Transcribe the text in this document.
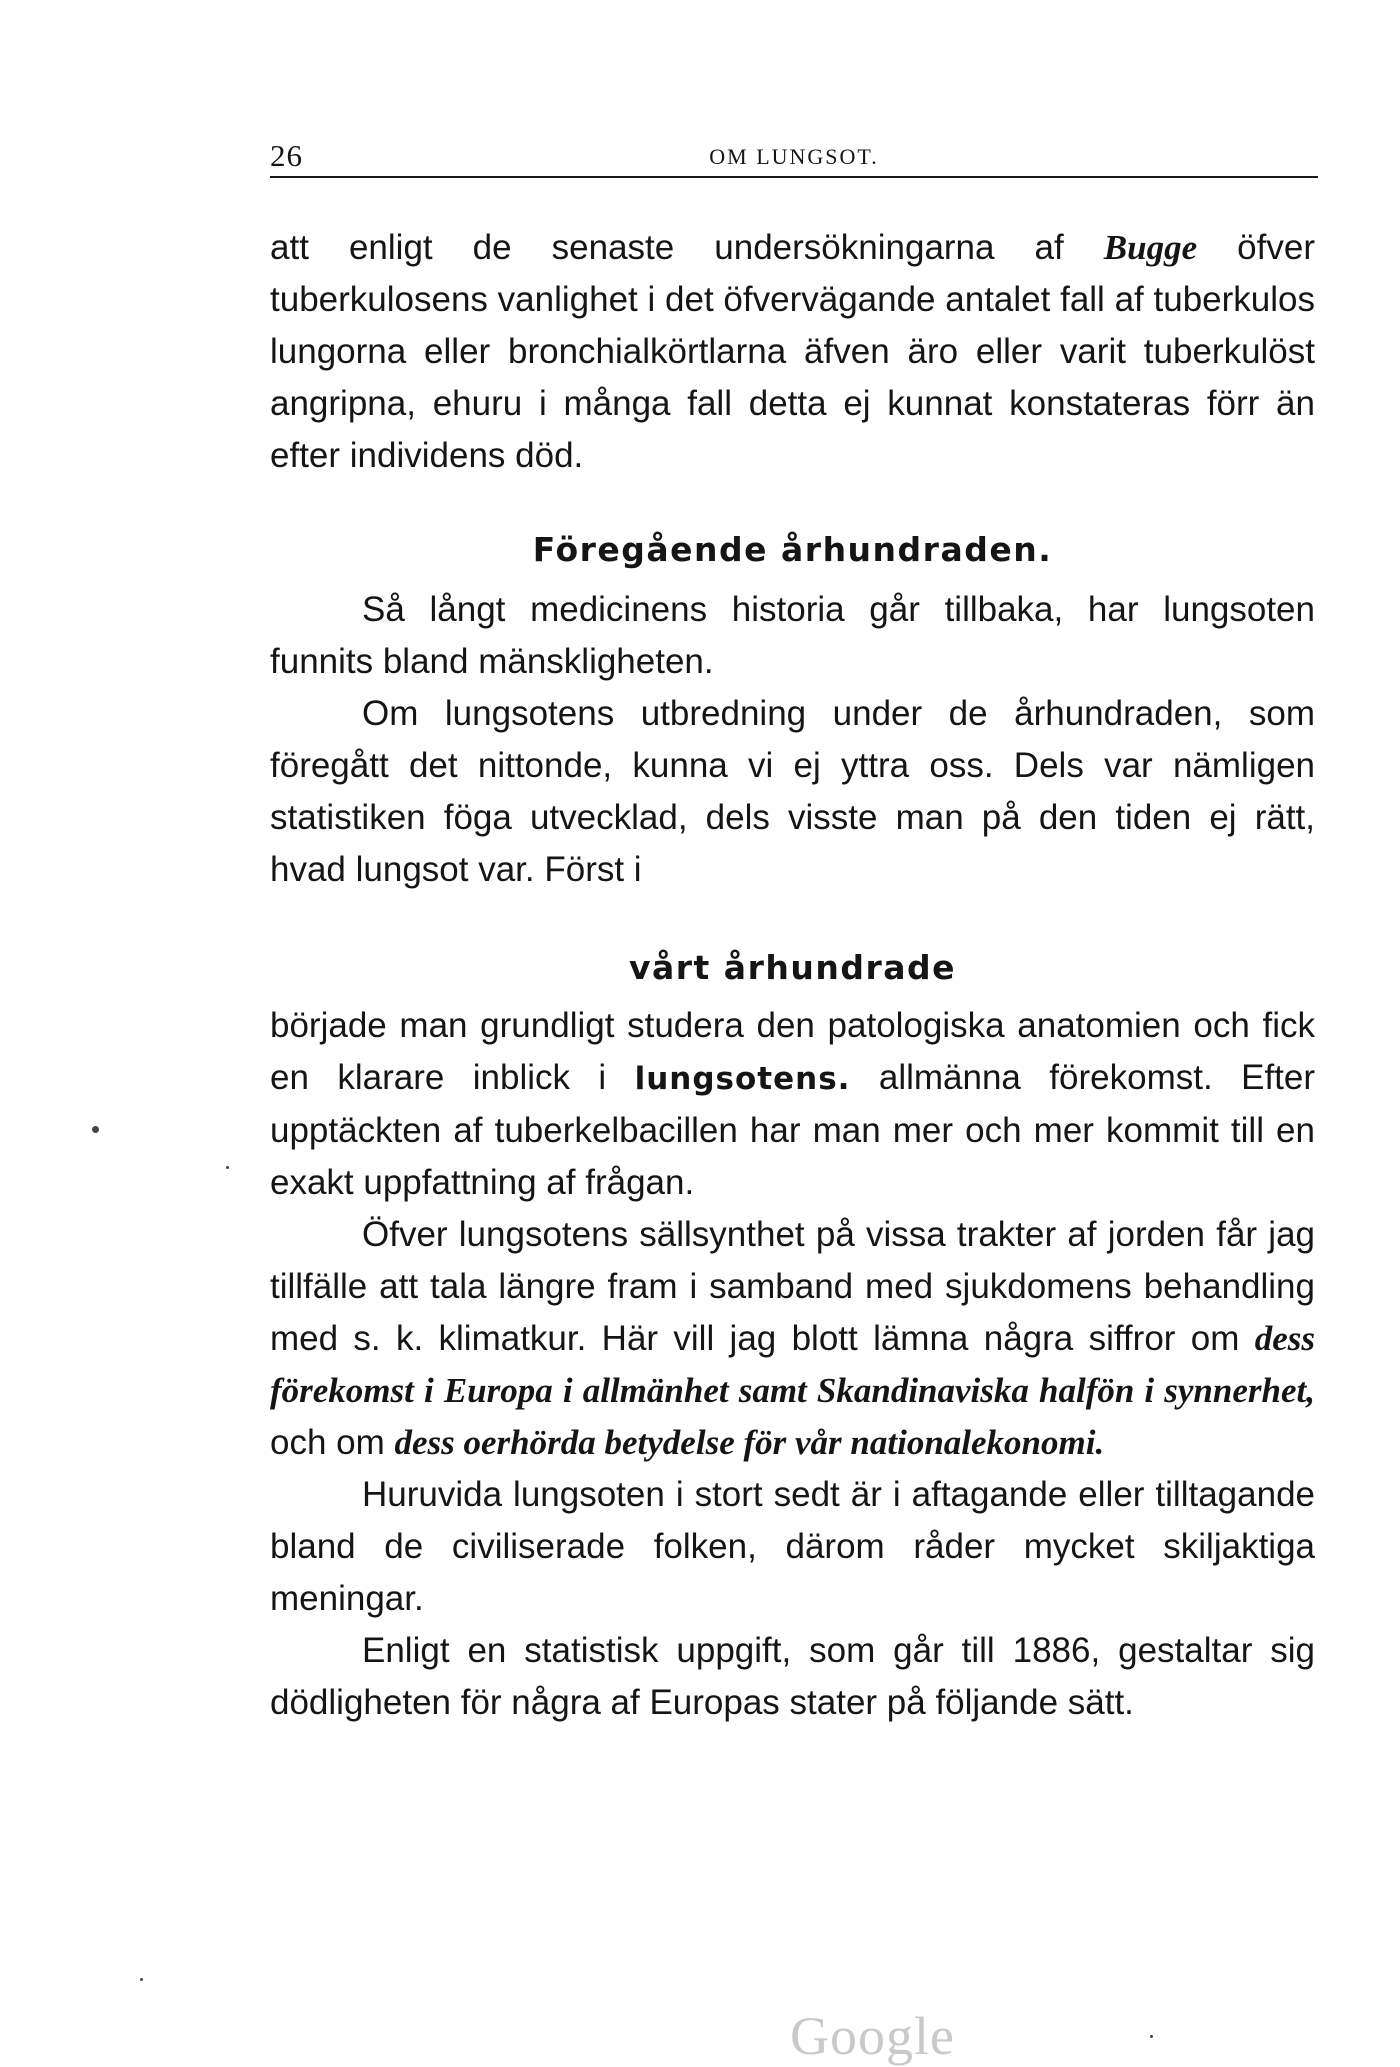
26	OM LUNGSOT.

att enligt de senaste undersökningarna af Bugge öfver tuberkulosens vanlighet i det öfvervägande antalet fall af tuberkulos lungorna eller bronchialkörtlarna äfven äro eller varit tuberkulöst angripna, ehuru i många fall detta ej kunnat konstateras förr än efter individens död.

Föregående århundraden.

Så långt medicinens historia går tillbaka, har lungsoten funnits bland mänskligheten.

Om lungsotens utbredning under de århundraden, som föregått det nittonde, kunna vi ej yttra oss. Dels var nämligen statistiken föga utvecklad, dels visste man på den tiden ej rätt, hvad lungsot var. Först i

vårt århundrade

började man grundligt studera den patologiska anatomien och fick en klarare inblick i lungsotens. allmänna förekomst. Efter upptäckten af tuberkelbacillen har man mer och mer kommit till en exakt uppfattning af frågan.

Öfver lungsotens sällsynthet på vissa trakter af jorden får jag tillfälle att tala längre fram i samband med sjukdomens behandling med s. k. klimatkur. Här vill jag blott lämna några siffror om dess förekomst i Europa i allmänhet samt Skandinaviska halfön i synnerhet, och om dess oerhörda betydelse för vår nationalekonomi.

Huruvida lungsoten i stort sedt är i aftagande eller tilltagande bland de civiliserade folken, därom råder mycket skiljaktiga meningar.

Enligt en statistisk uppgift, som går till 1886, gestaltar sig dödligheten för några af Europas stater på följande sätt.

Google
